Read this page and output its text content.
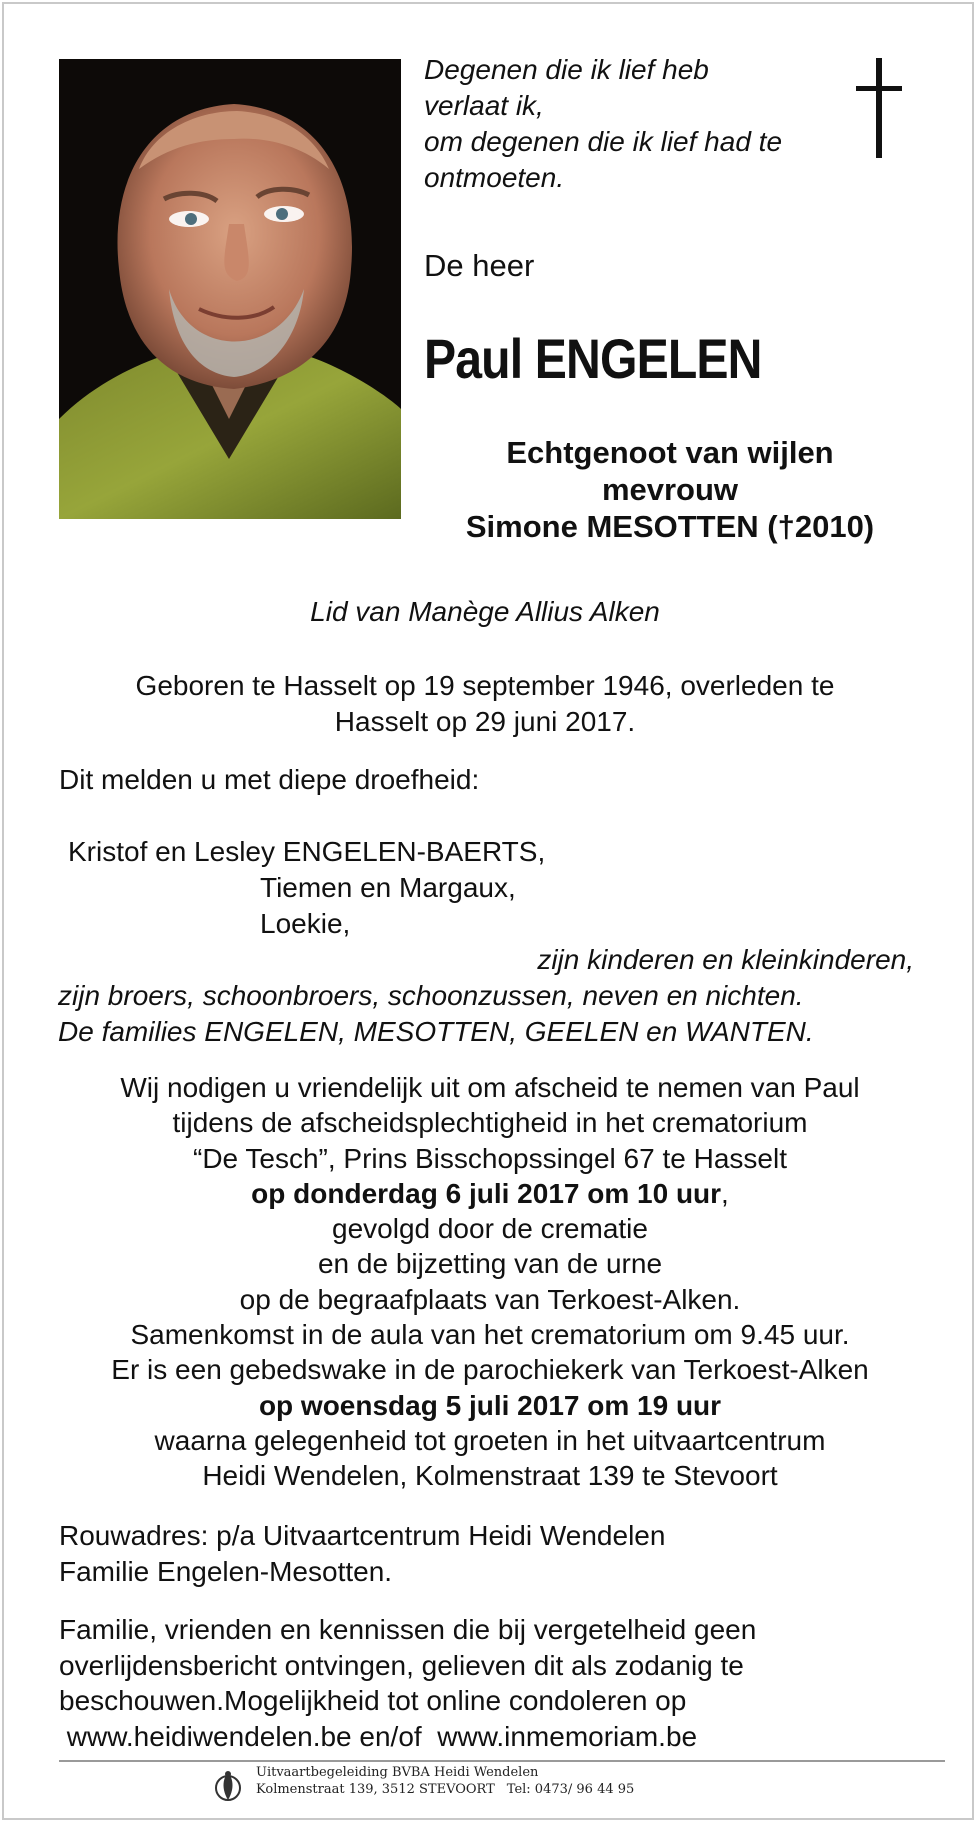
Degenen die ik lief heb
verlaat ik,
om degenen die ik lief had te
ontmoeten.
De heer
Paul ENGELEN
Echtgenoot van wijlen
mevrouw
Simone MESOTTEN (†2010)
Lid van Manège Allius Alken
Geboren te Hasselt op 19 september 1946, overleden te
Hasselt op 29 juni 2017.
Dit melden u met diepe droefheid:
Kristof en Lesley ENGELEN-BAERTS,
Tiemen en Margaux,
Loekie,
zijn kinderen en kleinkinderen,
zijn broers, schoonbroers, schoonzussen, neven en nichten.
De families ENGELEN, MESOTTEN, GEELEN en WANTEN.
Wij nodigen u vriendelijk uit om afscheid te nemen van Paul
tijdens de afscheidsplechtigheid in het crematorium
“De Tesch”, Prins Bisschopssingel 67 te Hasselt
op donderdag 6 juli 2017 om 10 uur,
gevolgd door de crematie
en de bijzetting van de urne
op de begraafplaats van Terkoest-Alken.
Samenkomst in de aula van het crematorium om 9.45 uur.
Er is een gebedswake in de parochiekerk van Terkoest-Alken
op woensdag 5 juli 2017 om 19 uur
waarna gelegenheid tot groeten in het uitvaartcentrum
Heidi Wendelen, Kolmenstraat 139 te Stevoort
Rouwadres: p/a Uitvaartcentrum Heidi Wendelen
Familie Engelen-Mesotten.
Familie, vrienden en kennissen die bij vergetelheid geen
overlijdensbericht ontvingen, gelieven dit als zodanig te
beschouwen.Mogelijkheid tot online condoleren op
www.heidiwendelen.be en/of  www.inmemoriam.be
Uitvaartbegeleiding BVBA Heidi Wendelen
Kolmenstraat 139, 3512 STEVOORT Tel: 0473/ 96 44 95
